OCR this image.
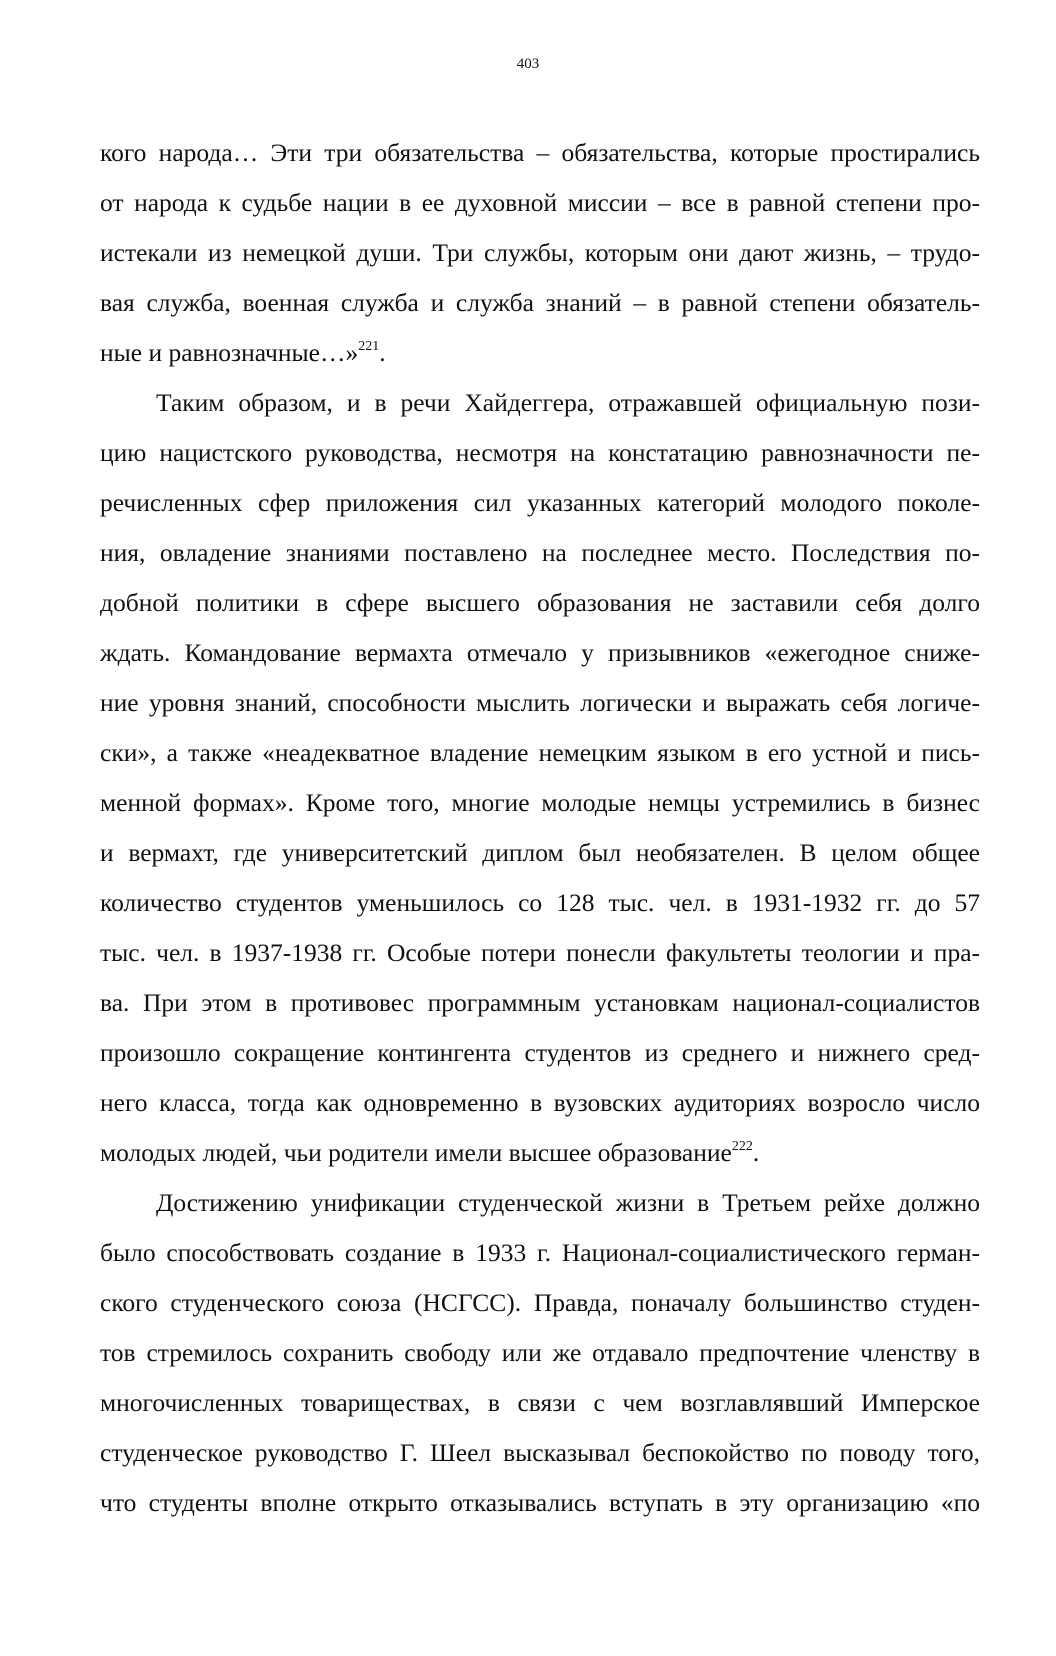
403
кого народа… Эти три обязательства – обязательства, которые простирались
от народа к судьбе нации в ее духовной миссии – все в равной степени про-
истекали из немецкой души. Три службы, которым они дают жизнь, – трудо-
вая служба, военная служба и служба знаний – в равной степени обязатель-
ные и равнозначные…»$^{221}$.
Таким образом, и в речи Хайдеггера, отражавшей официальную пози-
цию нацистского руководства, несмотря на констатацию равнозначности пе-
речисленных сфер приложения сил указанных категорий молодого поколе-
ния, овладение знаниями поставлено на последнее место. Последствия по-
добной политики в сфере высшего образования не заставили себя долго
ждать. Командование вермахта отмечало у призывников «ежегодное сниже-
ние уровня знаний, способности мыслить логически и выражать себя логиче-
ски», а также «неадекватное владение немецким языком в его устной и пись-
менной формах». Кроме того, многие молодые немцы устремились в бизнес
и вермахт, где университетский диплом был необязателен. В целом общее
количество студентов уменьшилось со 128 тыс. чел. в 1931-1932 гг. до 57
тыс. чел. в 1937-1938 гг. Особые потери понесли факультеты теологии и пра-
ва. При этом в противовес программным установкам национал-социалистов
произошло сокращение контингента студентов из среднего и нижнего сред-
него класса, тогда как одновременно в вузовских аудиториях возросло число
молодых людей, чьи родители имели высшее образование$^{222}$.
Достижению унификации студенческой жизни в Третьем рейхе должно
было способствовать создание в 1933 г. Национал-социалистического герман-
ского студенческого союза (НСГСС). Правда, поначалу большинство студен-
тов стремилось сохранить свободу или же отдавало предпочтение членству в
многочисленных товариществах, в связи с чем возглавлявший Имперское
студенческое руководство Г. Шеел высказывал беспокойство по поводу того,
что студенты вполне открыто отказывались вступать в эту организацию «по
